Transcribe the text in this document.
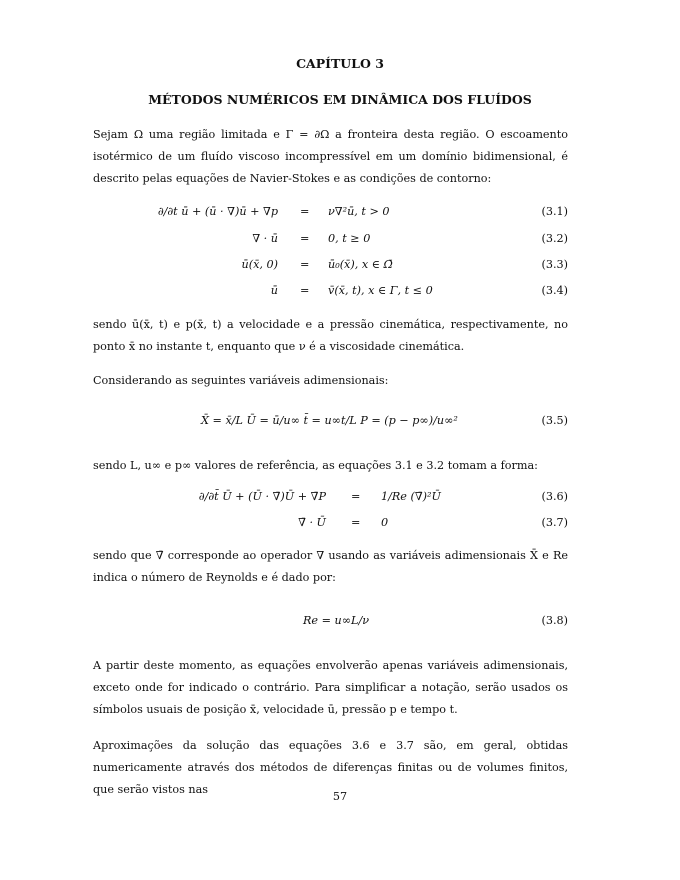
CAPÍTULO 3
MÉTODOS NUMÉRICOS EM DINÂMICA DOS FLUÍDOS
Sejam Ω uma região limitada e Γ = ∂Ω a fronteira desta região. O escoamento isotérmico de um fluído viscoso incompressível em um domínio bidimensional, é descrito pelas equações de Navier-Stokes e as condições de contorno:
∂/∂t ū + (ū · ∇)ū + ∇p = ν∇²ū, t > 0	(3.1)
∇ · ū = 0, t ≥ 0	(3.2)
ū(x̄, 0) = ū₀(x̄), x ∈ Ω̄	(3.3)
ū = v̄(x̄, t), x ∈ Γ, t ≤ 0	(3.4)
sendo ū(x̄, t) e p(x̄, t) a velocidade e a pressão cinemática, respectivamente, no ponto x̄ no instante t, enquanto que ν é a viscosidade cinemática.
Considerando as seguintes variáveis adimensionais:
X̄ = x̄/L Ū = ū/u∞ t̄ = u∞t/L P = (p − p∞)/u∞²	(3.5)
sendo L, u∞ e p∞ valores de referência, as equações 3.1 e 3.2 tomam a forma:
∂/∂t̄ Ū + (Ū · ∇̄)Ū + ∇̄P = 1/Re (∇̄)²Ū	(3.6)
∇̄ · Ū = 0	(3.7)
sendo que ∇̄ corresponde ao operador ∇ usando as variáveis adimensionais X̄ e Re indica o número de Reynolds e é dado por:
Re = u∞L/ν	(3.8)
A partir deste momento, as equações envolverão apenas variáveis adimensionais, exceto onde for indicado o contrário. Para simplificar a notação, serão usados os símbolos usuais de posição x̄, velocidade ū, pressão p e tempo t.
Aproximações da solução das equações 3.6 e 3.7 são, em geral, obtidas numericamente através dos métodos de diferenças finitas ou de volumes finitos, que serão vistos nas
57
